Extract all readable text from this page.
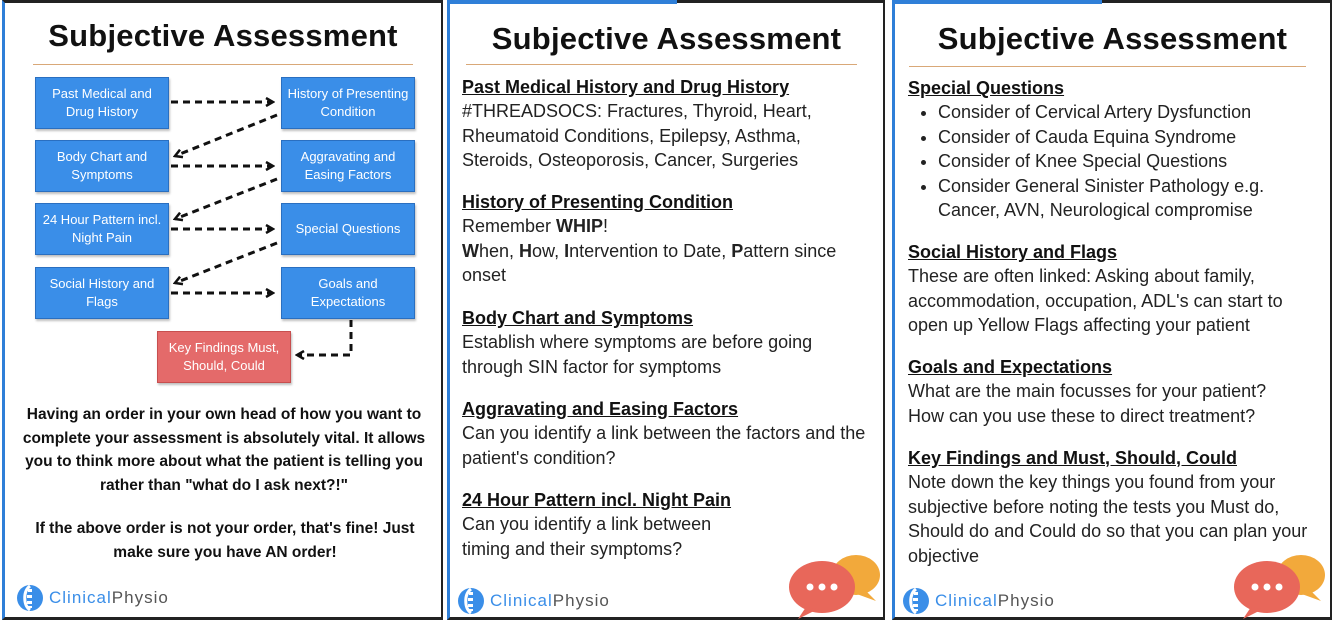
Subjective Assessment
Past Medical and Drug History
History of Presenting Condition
Body Chart and Symptoms
Aggravating and Easing Factors
24 Hour Pattern incl. Night Pain
Special Questions
Social History and Flags
Goals and Expectations
Key Findings Must, Should, Could
Having an order in your own head of how you want to complete your assessment is absolutely vital. It allows you to think more about what the patient is telling you rather than "what do I ask next?!"
If the above order is not your order, that's fine! Just make sure you have AN order!
ClinicalPhysio
Subjective Assessment
Past Medical History and Drug History

#THREADSOCS: Fractures, Thyroid, Heart, Rheumatoid Conditions, Epilepsy, Asthma, Steroids, Osteoporosis, Cancer, Surgeries

History of Presenting Condition

Remember WHIP!

When, How, Intervention to Date, Pattern since onset

Body Chart and Symptoms

Establish where symptoms are before going through SIN factor for symptoms

Aggravating and Easing Factors

Can you identify a link between the factors and the patient's condition?

24 Hour Pattern incl. Night Pain

Can you identify a link between
timing and their symptoms?

ClinicalPhysio
Subjective Assessment
Special Questions
• Consider of Cervical Artery Dysfunction
• Consider of Cauda Equina Syndrome
• Consider of Knee Special Questions
• Consider General Sinister Pathology e.g. Cancer, AVN, Neurological compromise
Social History and Flags

These are often linked: Asking about family, accommodation, occupation, ADL's can start to open up Yellow Flags affecting your patient

Goals and Expectations

What are the main focusses for your patient?
How can you use these to direct treatment?

Key Findings and Must, Should, Could

Note down the key things you found from your subjective before noting the tests you Must do, Should do and Could do so that you can plan your objective

ClinicalPhysio
